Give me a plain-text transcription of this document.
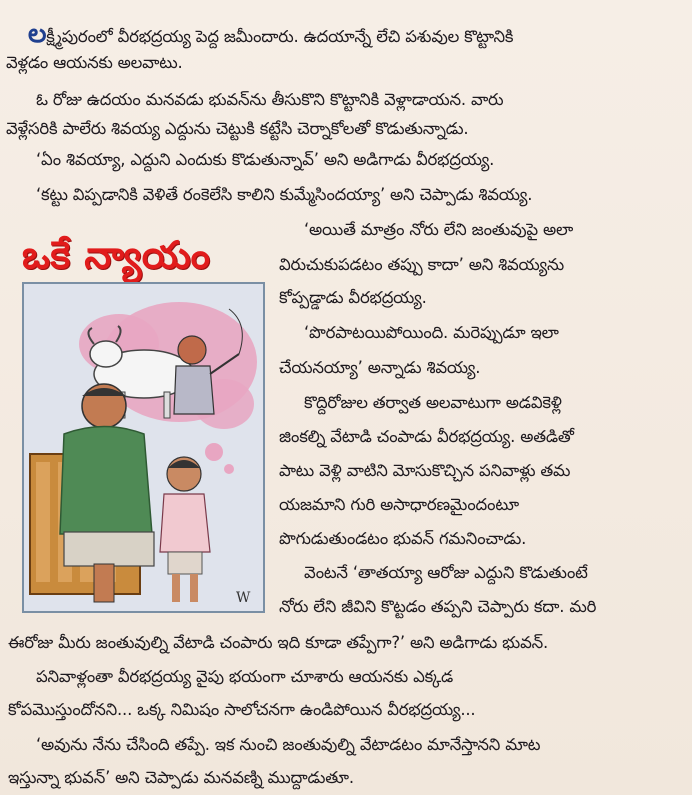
లక్ష్మీపురంలో వీరభద్రయ్య పెద్ద జమీందారు. ఉదయాన్నే లేచి పశువుల కొట్టానికి
వెళ్లడం ఆయనకు అలవాటు.
ఓ రోజు ఉదయం మనవడు భువన్‌ను తీసుకొని కొట్టానికి వెళ్లాడాయన. వారు
వెళ్లేసరికి పాలేరు శివయ్య ఎద్దును చెట్టుకి కట్టేసి చెర్నాకోలతో కొడుతున్నాడు.
‘ఏం శివయ్యా, ఎద్దుని ఎందుకు కొడుతున్నావ్’ అని అడిగాడు వీరభద్రయ్య.
‘కట్టు విప్పడానికి వెళితే రంకెలేసి కాలిని కుమ్మేసిందయ్యా’ అని చెప్పాడు శివయ్య.
ఒకే న్యాయం
‘అయితే మాత్రం నోరు లేని జంతువుపై అలా
విరుచుకుపడటం తప్పు కాదా’ అని శివయ్యను
కోప్పడ్డాడు వీరభద్రయ్య.
‘పొరపాటయిపోయింది. మరెప్పుడూ ఇలా
చేయనయ్యా’ అన్నాడు శివయ్య.
కొద్దిరోజుల తర్వాత అలవాటుగా అడవికెళ్లి
జింకల్ని వేటాడి చంపాడు వీరభద్రయ్య. అతడితో
పాటు వెళ్లి వాటిని మోసుకొచ్చిన పనివాళ్లు తమ
యజమాని గురి అసాధారణమైందంటూ
పొగుడుతుండటం భువన్ గమనించాడు.
వెంటనే ‘తాతయ్యా ఆరోజు ఎద్దుని కొడుతుంటే
నోరు లేని జీవిని కొట్టడం తప్పని చెప్పారు కదా. మరి
W
ఈరోజు మీరు జంతువుల్ని వేటాడి చంపారు ఇది కూడా తప్పేగా?’ అని అడిగాడు భువన్.
పనివాళ్లంతా వీరభద్రయ్య వైపు భయంగా చూశారు ఆయనకు ఎక్కడ
కోపమొస్తుందోనని... ఒక్క నిమిషం సాలోచనగా ఉండిపోయిన వీరభద్రయ్య...
‘అవును నేను చేసింది తప్పే. ఇక నుంచి జంతువుల్ని వేటాడటం మానేస్తానని మాట
ఇస్తున్నా భువన్’ అని చెప్పాడు మనవణ్ని ముద్దాడుతూ.
